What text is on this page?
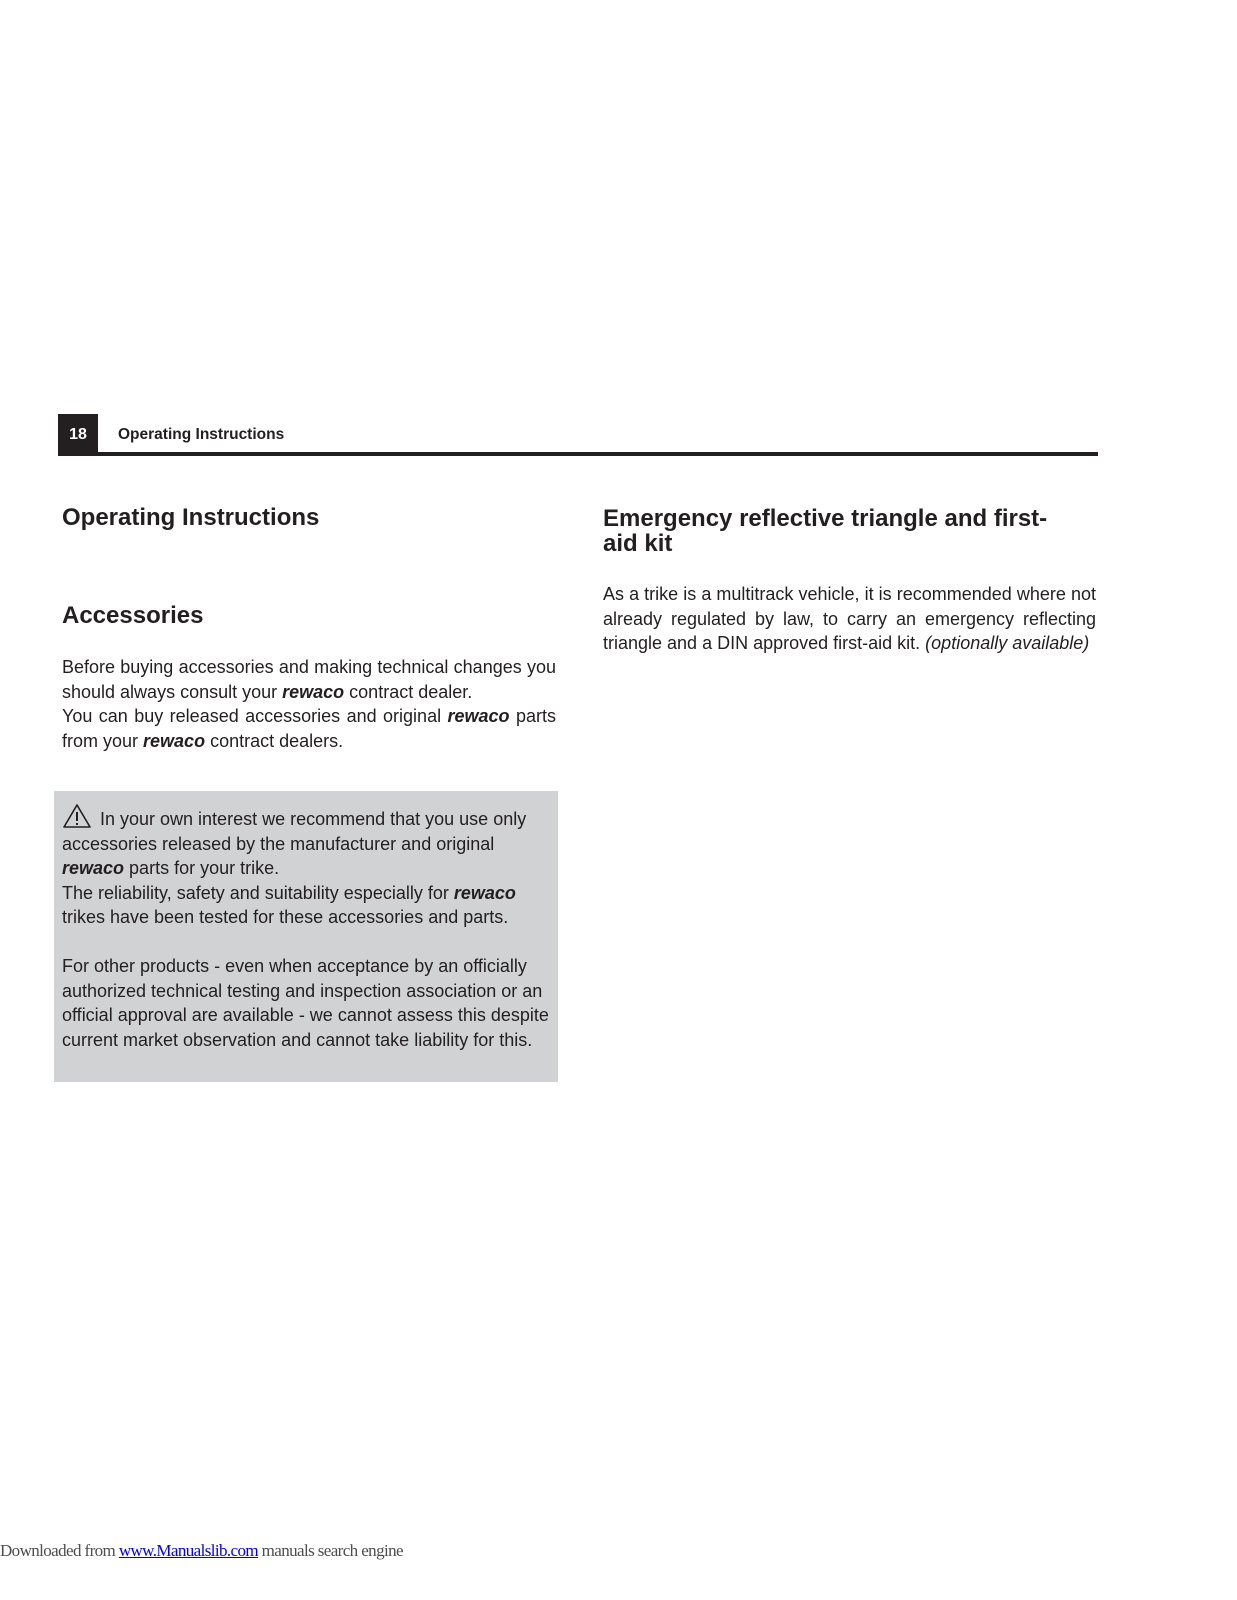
18	Operating Instructions
Operating Instructions
Accessories

Before buying accessories and making technical changes you should always consult your rewaco contract dealer.
You can buy released accessories and original rewaco parts from your rewaco contract dealers.

In your own interest we recommend that you use only accessories released by the manufacturer and original rewaco parts for your trike.
The reliability, safety and suitability especially for rewaco trikes have been tested for these accessories and parts.

For other products - even when acceptance by an officially authorized technical testing and inspection association or an official approval are available - we cannot assess this despite current market observation and cannot take liability for this.

Emergency reflective triangle and first-aid kit

As a trike is a multitrack vehicle, it is recommended where not already regulated by law, to carry an emergency reflecting triangle and a DIN approved first-aid kit. (optionally available)

Downloaded from www.Manualslib.com manuals search engine
